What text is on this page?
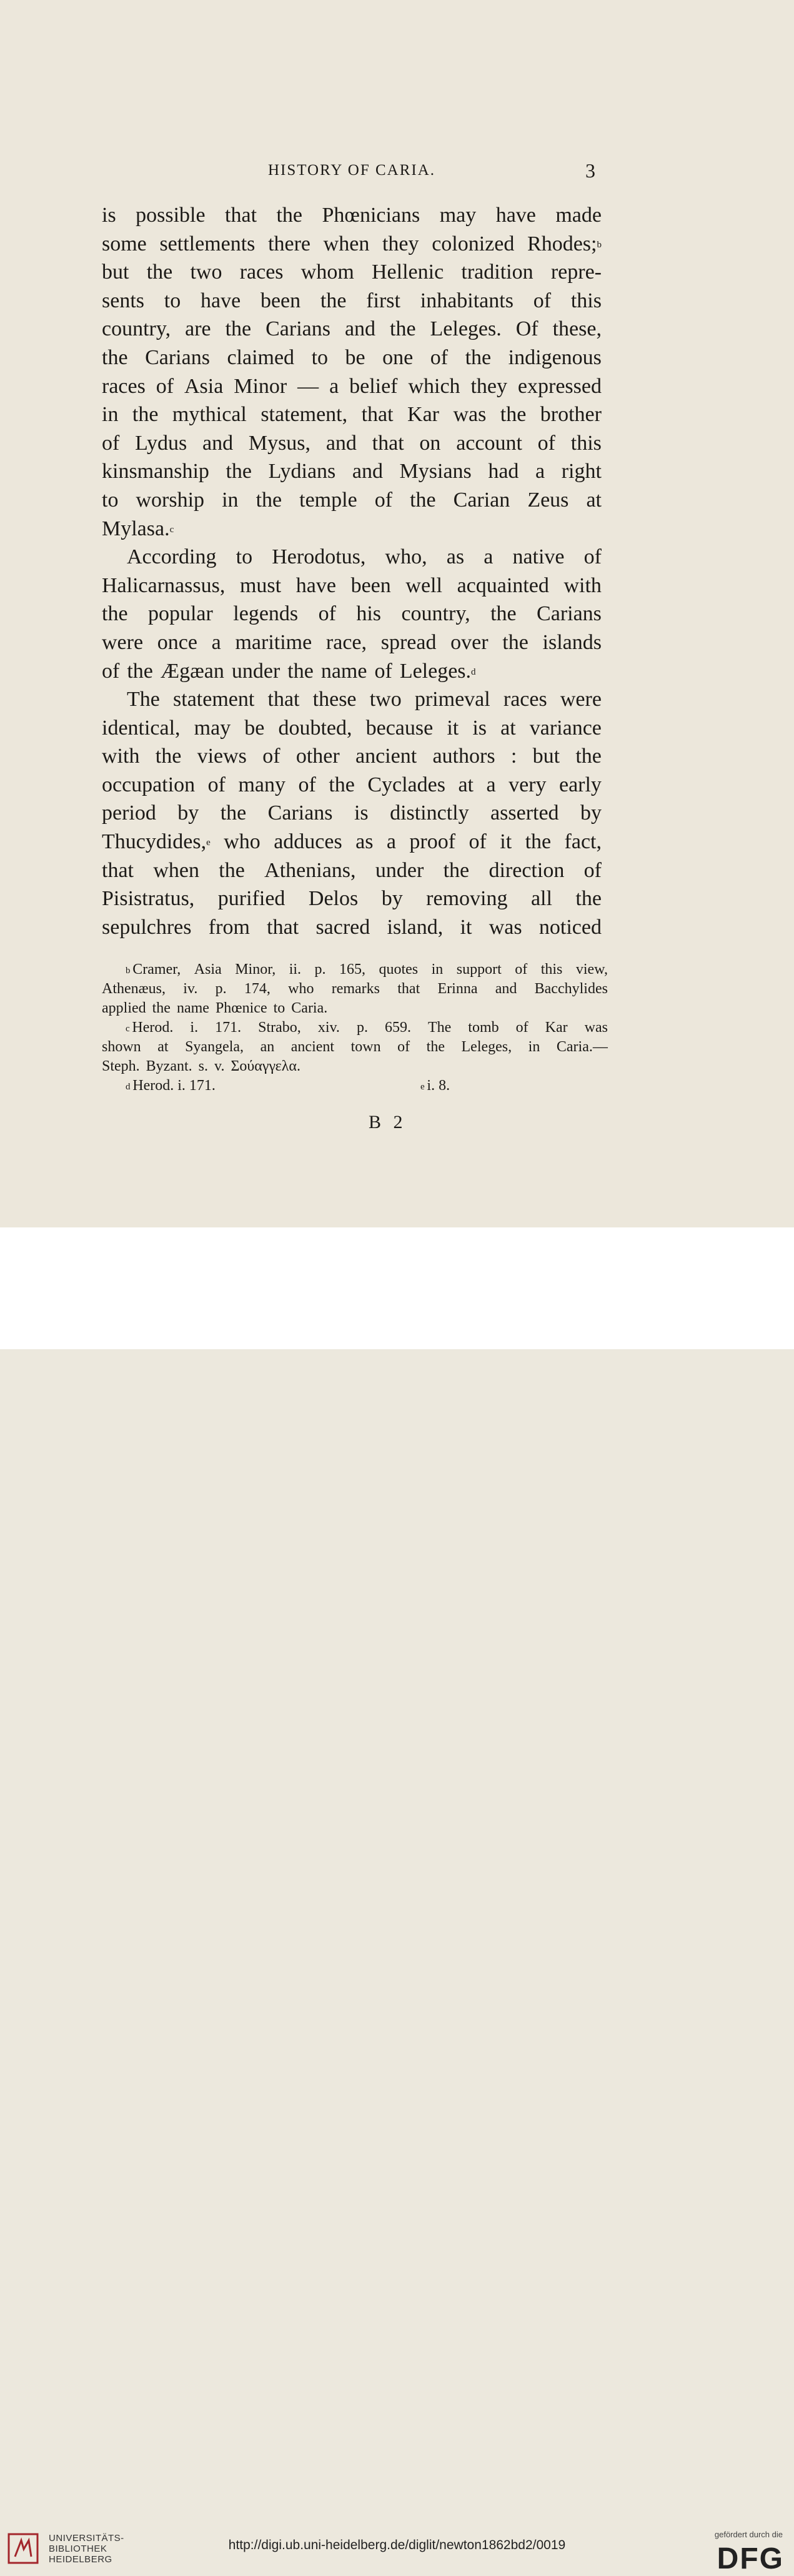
HISTORY OF CARIA.	3
is possible that the Phœnicians may have made
some settlements there when they colonized Rhodes;$^b$
but the two races whom Hellenic tradition repre-
sents to have been the first inhabitants of this
country, are the Carians and the Leleges. Of these,
the Carians claimed to be one of the indigenous
races of Asia Minor — a belief which they expressed
in the mythical statement, that Kar was the brother
of Lydus and Mysus, and that on account of this
kinsmanship the Lydians and Mysians had a right
to worship in the temple of the Carian Zeus at
Mylasa.$^c$
According to Herodotus, who, as a native of
Halicarnassus, must have been well acquainted with
the popular legends of his country, the Carians
were once a maritime race, spread over the islands
of the Ægæan under the name of Leleges.$^d$
The statement that these two primeval races were
identical, may be doubted, because it is at variance
with the views of other ancient authors : but the
occupation of many of the Cyclades at a very early
period by the Carians is distinctly asserted by
Thucydides,$^e$ who adduces as a proof of it the fact,
that when the Athenians, under the direction of
Pisistratus, purified Delos by removing all the
sepulchres from that sacred island, it was noticed
$^b$ Cramer, Asia Minor, ii. p. 165, quotes in support of this view,
Athenæus, iv. p. 174, who remarks that Erinna and Bacchylides
applied the name Phœnice to Caria.
$^c$ Herod. i. 171. Strabo, xiv. p. 659. The tomb of Kar was
shown at Syangela, an ancient town of the Leleges, in Caria.—
Steph. Byzant. s. v. Σούαγγελα.
$^d$ Herod. i. 171.	$^e$ i. 8.
B 2
UNIVERSITÄTS-
BIBLIOTHEK
HEIDELBERG
http://digi.ub.uni-heidelberg.de/diglit/newton1862bd2/0019
gefördert durch die
DFG
